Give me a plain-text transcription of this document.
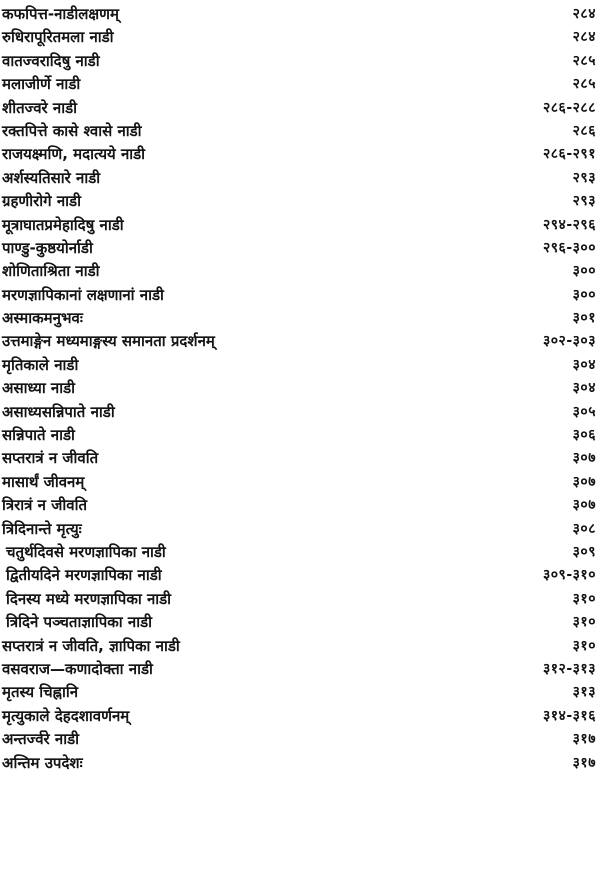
कफपित्त-नाडीलक्षणम्	२८४
रुधिरापूरितमला नाडी	२८४
वातज्वरादिषु नाडी	२८५
मलाजीर्णे नाडी	२८५
शीतज्वरे नाडी	२८६-२८८
रक्तपित्ते कासे श्वासे नाडी	२८६
राजयक्ष्मणि, मदात्यये नाडी	२८६-२९१
अर्शस्यतिसारे नाडी	२९३
ग्रहणीरोगे नाडी	२९३
मूत्राघातप्रमेहादिषु नाडी	२९४-२९६
पाण्डु-कुष्ठयोर्नाडी	२९६-३००
शोणिताश्रिता नाडी	३००
मरणज्ञापिकानां लक्षणानां नाडी	३००
अस्माकमनुभवः	३०१
उत्तमाङ्गेन मध्यमाङ्गस्य समानता प्रदर्शनम्	३०२-३०३
मृतिकाले नाडी	३०४
असाध्या नाडी	३०४
असाध्यसन्निपाते नाडी	३०५
सन्निपाते नाडी	३०६
सप्तरात्रं न जीवति	३०७
मासार्थं जीवनम्	३०७
त्रिरात्रं न जीवति	३०७
त्रिदिनान्ते मृत्युः	३०८
चतुर्थदिवसे मरणज्ञापिका नाडी	३०९
द्वितीयदिने मरणज्ञापिका नाडी	३०९-३१०
दिनस्य मध्ये मरणज्ञापिका नाडी	३१०
त्रिदिने पञ्चताज्ञापिका नाडी	३१०
सप्तरात्रं न जीवति, ज्ञापिका नाडी	३१०
वसवराज—कणादोक्ता नाडी	३१२-३१३
मृतस्य चिह्नानि	३१३
मृत्युकाले देहदशावर्णनम्	३१४-३१६
अन्तर्ज्वरे नाडी	३१७
अन्तिम उपदेशः	३१७
